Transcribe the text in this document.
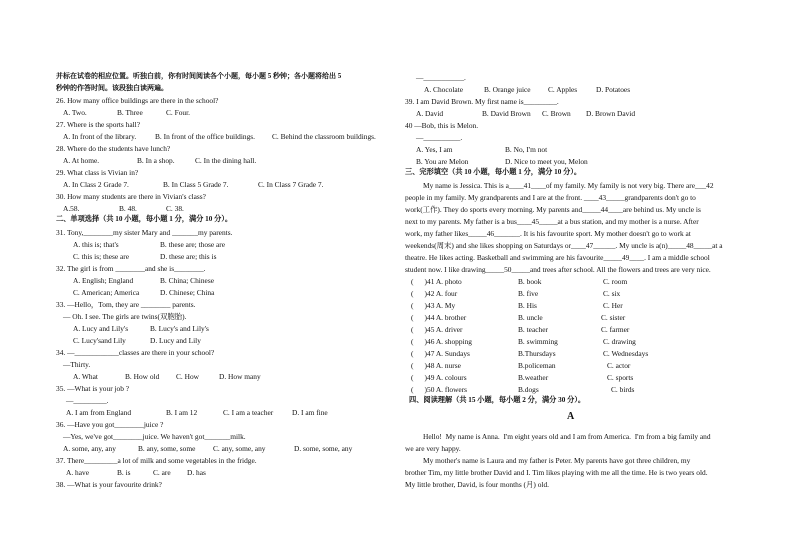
并标在试卷的相应位置。听独白前，你有时间阅读各个小题，每小题 5 秒钟；各小题将给出 5
秒钟的作答时间。该段独白读两遍。
26. How many office buildings are there in the school?
A. Two.	B. Three	C. Four.
27. Where is the sports hall?
A. In front of the library.	B. In front of the office buildings. C. Behind the classroom buildings.
28. Where do the students have lunch?
A. At home.	B. In a shop.	C. In the dining hall.
29. What class is Vivian in?
A. In Class 2 Grade 7.	B. In Class 5 Grade 7.	C. In Class 7 Grade 7.
30. How many students are there in Vivian's class?
A.58.	B. 48.	C. 38.
二、单项选择（共 10 小题，每小题 1 分，满分 10 分）。
31. Tony,________my sister Mary and _______my parents.
A. this is; that's	B. these are; those are
C. this is; these are	D. these are; this is
32. The girl is from ________and she is________.
A. English; England	B. China; Chinese
C. American; America	D. Chinese; China
33. —Hello，Tom, they are ________ parents.
— Oh. I see. The girls are twins(双胞胎).
A. Lucy and Lily's	B. Lucy's and Lily's
C. Lucy'sand Lily	D. Lucy and Lily
34. —____________classes are there in your school?
—Thirty.
A. What	B. How old C. How	D. How many
35. —What is your job ?
—_________.
A. I am from England	B. I am 12	C. I am a teacher	D. I am fine
36. —Have you got________juice ?
—Yes, we've got________juice. We haven't got_______milk.
A. some, any, any	B. any, some, some C. any, some, any	D. some, some, any
37. There_________a lot of milk and some vegetables in the fridge.
A. have	B. is	C. are D. has
38. —What is your favourite drink?
—___________.
A. Chocolate	B. Orange juice C. Apples	D. Potatoes
39. I am David Brown. My first name is_________.
A. David	B. David Brown C. Brown D. Brown David
40 —Bob, this is Melon.
—__________.
A. Yes, I am	B. No, I'm not
B. You are Melon	D. Nice to meet you, Melon
三、完形填空（共 10 小题，每小题 1 分，满分 10 分）。
My name is Jessica. This is a____41____of my family. My family is not very big. There are___42
people in my family. My grandparents and I are at the front. ____43_____grandparents don't go to
work(工作). They do sports every morning. My parents and_____44____are behind us. My uncle is
next to my parents. My father is a bus____45_____at a bus station, and my mother is a nurse. After
work, my father likes_____46_______. It is his favourite sport. My mother doesn't go to work at
weekends(周末) and she likes shopping on Saturdays or____47______. My uncle is a(n)_____48_____at a
theatre. He likes acting. Basketball and swimming are his favourite_____49____. I am a middle school
student now. I like drawing_____50_____and trees after school. All the flowers and trees are very nice.
(      )41 A. photo	B. book	C. room
(      )42 A. four	B. five	C. six
(      )43 A. My	B. His	C. Her
(      )44 A. brother	B. uncle	C. sister
(      )45 A. driver	B. teacher	C. farmer
(      )46 A. shopping	B. swimming	C. drawing
(      )47 A. Sundays	B.Thursdays	C. Wednesdays
(      )48 A. nurse	B.policeman	C. actor
(      )49 A. colours	B.weather	C. sports
(      )50 A. flowers	B.dogs	C. birds
四、阅读理解（共 15 小题，每小题 2 分，满分 30 分）。
A
Hello!  My name is Anna.  I'm eight years old and I am from America.  I'm from a big family and
we are very happy.
My mother's name is Laura and my father is Peter. My parents have got three children, my
brother Tim, my little brother David and I. Tim likes playing with me all the time. He is two years old.
My little brother, David, is four months (月) old.
